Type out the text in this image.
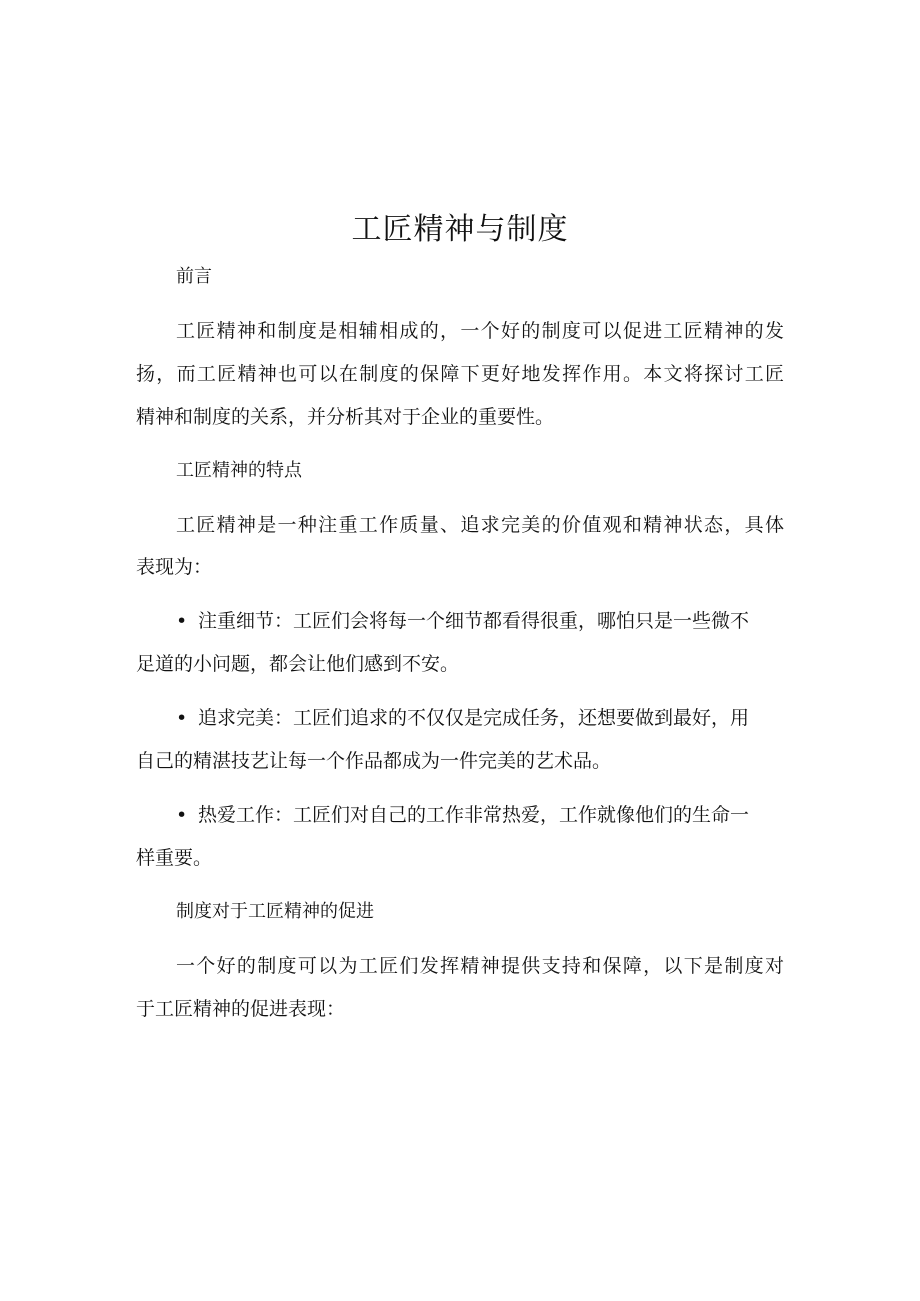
工匠精神与制度
前言
工匠精神和制度是相辅相成的，一个好的制度可以促进工匠精神的发
扬，而工匠精神也可以在制度的保障下更好地发挥作用。本文将探讨工匠
精神和制度的关系，并分析其对于企业的重要性。
工匠精神的特点
工匠精神是一种注重工作质量、追求完美的价值观和精神状态，具体
表现为：
• 注重细节：工匠们会将每一个细节都看得很重，哪怕只是一些微不
足道的小问题，都会让他们感到不安。
• 追求完美：工匠们追求的不仅仅是完成任务，还想要做到最好，用
自己的精湛技艺让每一个作品都成为一件完美的艺术品。
• 热爱工作：工匠们对自己的工作非常热爱，工作就像他们的生命一
样重要。
制度对于工匠精神的促进
一个好的制度可以为工匠们发挥精神提供支持和保障，以下是制度对
于工匠精神的促进表现：
